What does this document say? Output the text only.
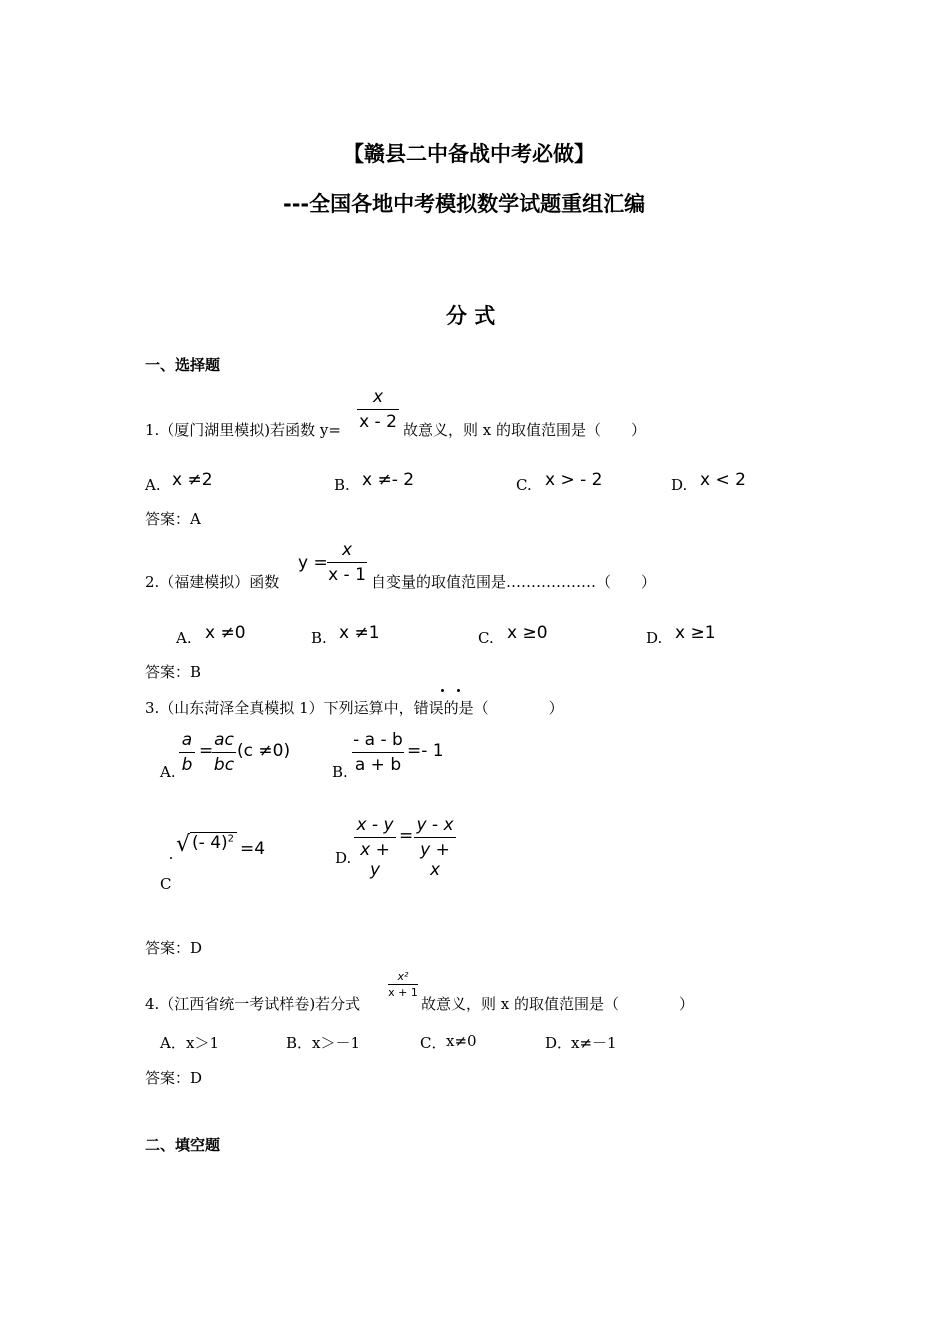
【赣县二中备战中考必做】
---全国各地中考模拟数学试题重组汇编
分 式
一、选择题
1.（厦门湖里模拟)若函数 y=
x
x - 2 故意义，则 x 的取值范围是（　　）
A. x ≠2	B. x ≠- 2	C. x > - 2	D. x < 2
答案：A
2.（福建模拟）函数
y =
x
x - 1 自变量的取值范围是………………（　　）
A. x ≠0	B. x ≠1	C. x ≥0	D. x ≥1
答案：B
3.（山东菏泽全真模拟 1）下列运算中，错误的是（　　　　）
A.
a
b
=
ac
bc
(c ≠0)
B.
- a - b
a + b
=- 1
√ (- 4)$^2$
=4
C
D.
x - y
x + y
=
y - x
y + x
答案：D
4.（江西省统一考试样卷)若分式
x²
x + 1
故意义，则 x 的取值范围是（　　　　）
A． x＞1	B． x＞－1	C． x≠0	D．
x≠－1
答案：D
二、填空题
